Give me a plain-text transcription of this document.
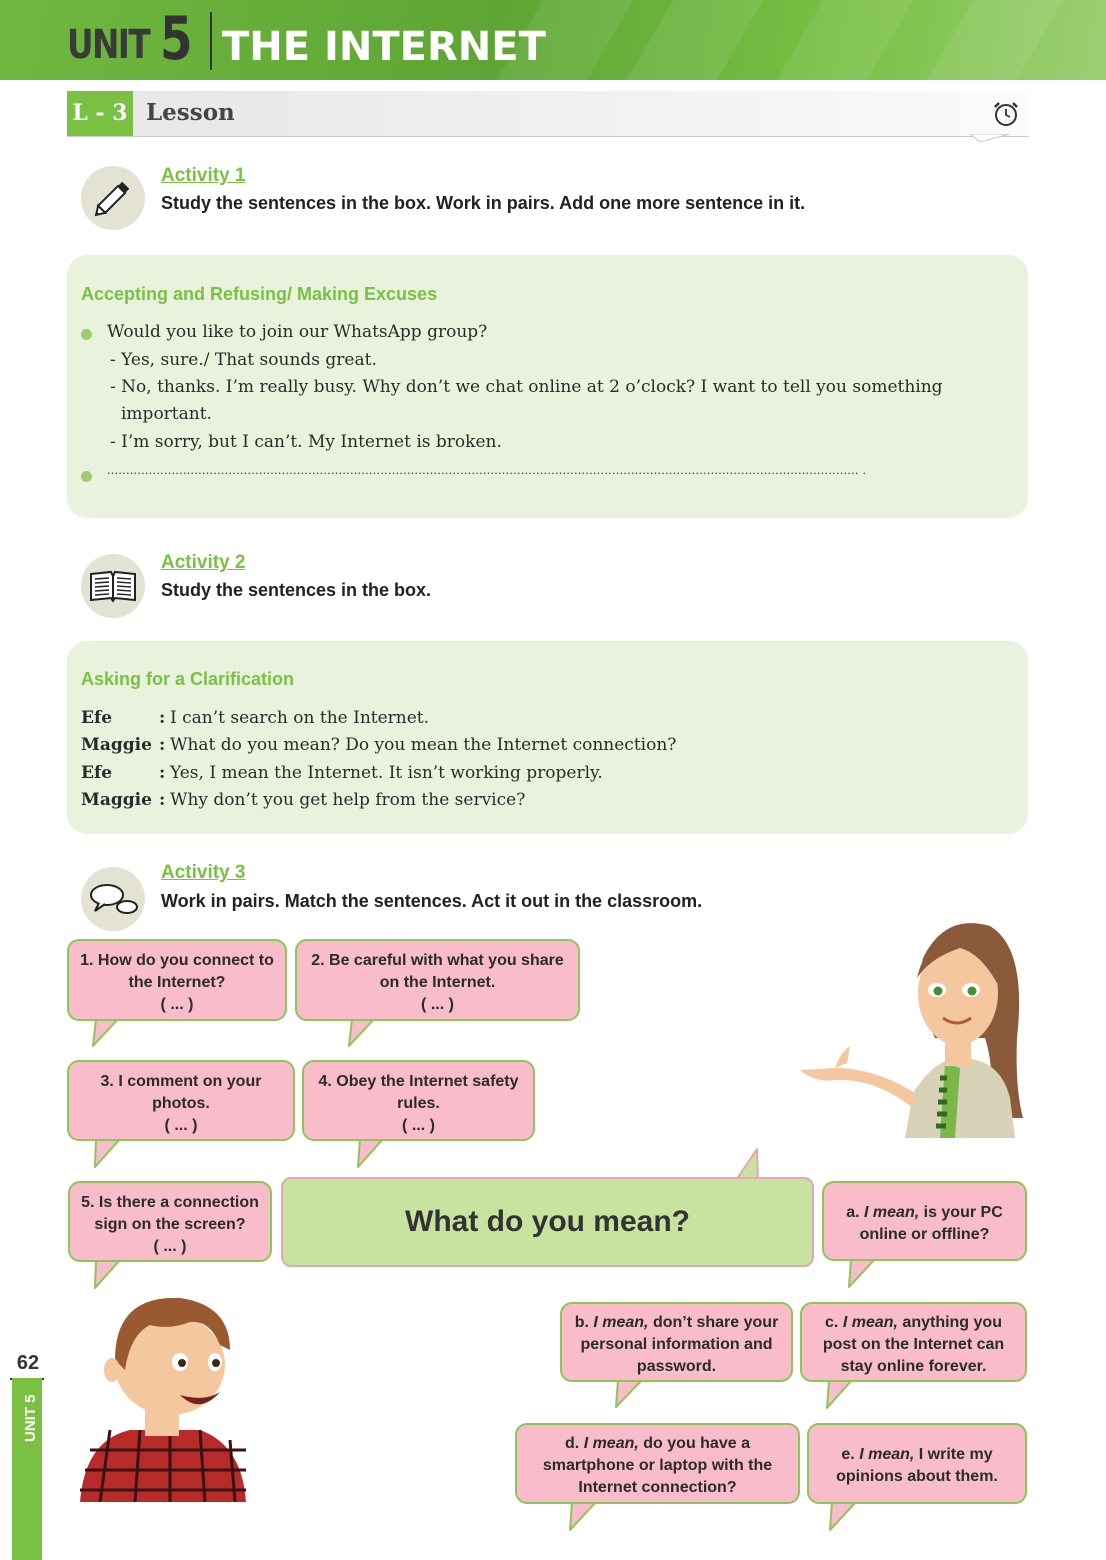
UNIT 5 THE INTERNET
L - 3 Lesson
Activity 1
Study the sentences in the box. Work in pairs. Add one more sentence in it.
Accepting and Refusing/ Making Excuses
Would you like to join our WhatsApp group?
- Yes, sure./ That sounds great.
- No, thanks. I’m really busy. Why don’t we chat online at 2 o’clock? I want to tell you something
important.
- I’m sorry, but I can’t. My Internet is broken.
...................................................................................................................................................................................................... .
Activity 2
Study the sentences in the box.
Asking for a Clarification
Efe	: I can’t search on the Internet.
Maggie : What do you mean? Do you mean the Internet connection?
Efe	: Yes, I mean the Internet. It isn’t working properly.
Maggie : Why don’t you get help from the service?
Activity 3
Work in pairs. Match the sentences. Act it out in the classroom.
1. How do you connect to
the Internet?
( ... )
2. Be careful with what you share
on the Internet.
( ... )
3. I comment on your
photos.
( ... )
4. Obey the Internet safety
rules.
( ... )
5. Is there a connection
sign on the screen?
( ... )
What do you mean?	a. I mean, is your PC
online or offline?
b. I mean, don’t share your
personal information and
password.
c. I mean, anything you
post on the Internet can
stay online forever.
d. I mean, do you have a
smartphone or laptop with the
Internet connection?
e. I mean, I write my
opinions about them.
62
UNIT 5
